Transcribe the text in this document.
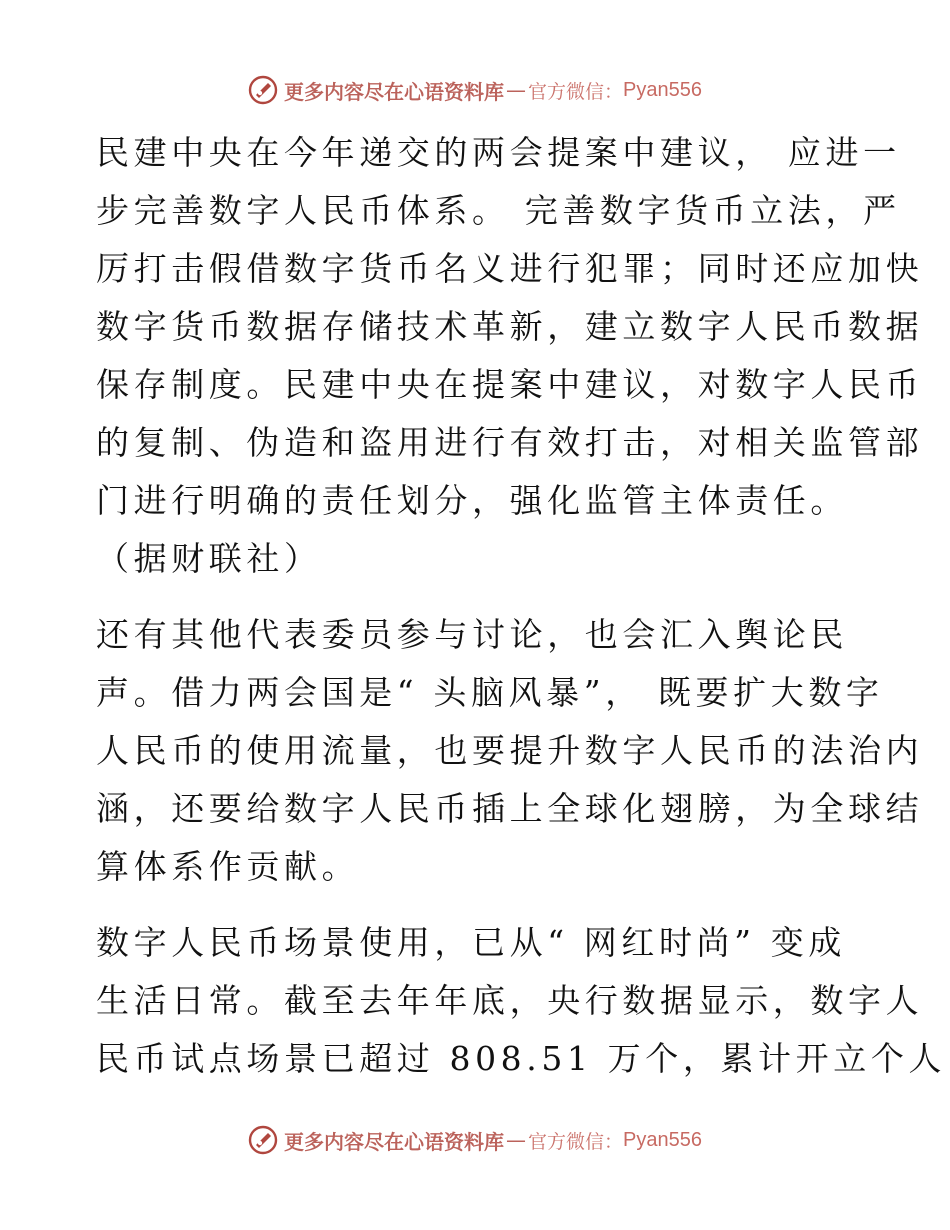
更多内容尽在心语资料库 — 官方微信： Pyan556
民建中央在今年递交的两会提案中建议， 应进一
步完善数字人民币体系。 完善数字货币立法，严
厉打击假借数字货币名义进行犯罪；同时还应加快
数字货币数据存储技术革新，建立数字人民币数据
保存制度。民建中央在提案中建议，对数字人民币
的复制、伪造和盗用进行有效打击，对相关监管部
门进行明确的责任划分，强化监管主体责任。
（据财联社）
还有其他代表委员参与讨论，也会汇入舆论民
声。借力两会国是“ 头脑风暴”， 既要扩大数字
人民币的使用流量，也要提升数字人民币的法治内
涵，还要给数字人民币插上全球化翅膀，为全球结
算体系作贡献。
数字人民币场景使用，已从“ 网红时尚” 变成
生活日常。截至去年年底，央行数据显示，数字人
民币试点场景已超过 808.51 万个，累计开立个人
更多内容尽在心语资料库 — 官方微信： Pyan556
